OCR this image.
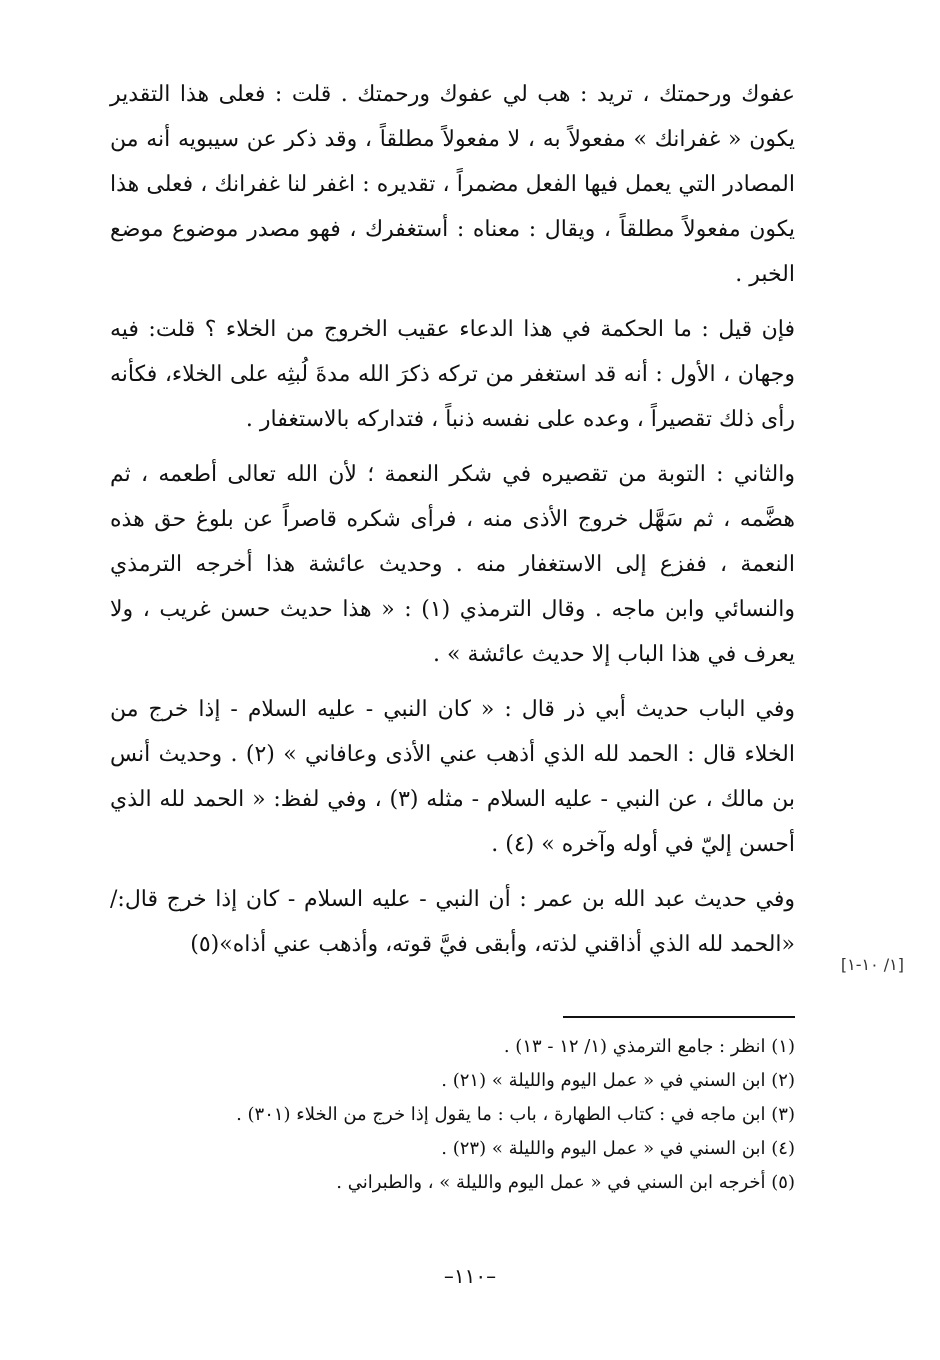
عفوك ورحمتك ، تريد : هب لي عفوك ورحمتك . قلت : فعلى هذا التقدير يكون « غفرانك » مفعولاً به ، لا مفعولاً مطلقاً ، وقد ذكر عن سيبويه أنه من المصادر التي يعمل فيها الفعل مضمراً ، تقديره : اغفر لنا غفرانك ، فعلى هذا يكون مفعولاً مطلقاً ، ويقال : معناه : أستغفرك ، فهو مصدر موضوع موضع الخبر .

فإن قيل : ما الحكمة في هذا الدعاء عقيب الخروج من الخلاء ؟ قلت: فيه وجهان ، الأول : أنه قد استغفر من تركه ذكرَ الله مدةَ لُبثِه على الخلاء، فكأنه رأى ذلك تقصيراً ، وعده على نفسه ذنباً ، فتداركه بالاستغفار .

والثاني : التوبة من تقصيره في شكر النعمة ؛ لأن الله تعالى أطعمه ، ثم هضَّمه ، ثم سَهَّل خروج الأذى منه ، فرأى شكره قاصراً عن بلوغ حق هذه النعمة ، ففزع إلى الاستغفار منه . وحديث عائشة هذا أخرجه الترمذي والنسائي وابن ماجه . وقال الترمذي (١) : « هذا حديث حسن غريب ، ولا يعرف في هذا الباب إلا حديث عائشة » .

وفي الباب حديث أبي ذر قال : « كان النبي - عليه السلام - إذا خرج من الخلاء قال : الحمد لله الذي أذهب عني الأذى وعافاني » (٢) . وحديث أنس بن مالك ، عن النبي - عليه السلام - مثله (٣) ، وفي لفظ: « الحمد لله الذي أحسن إليّ في أوله وآخره » (٤) .

وفي حديث عبد الله بن عمر : أن النبي - عليه السلام - كان إذا خرج قال:/ «الحمد لله الذي أذاقني لذته، وأبقى فيَّ قوته، وأذهب عني أذاه»(٥)

[١/ ١٠-١]

(١) انظر : جامع الترمذي (١/ ١٢ - ١٣) .

(٢) ابن السني في « عمل اليوم والليلة » (٢١) .

(٣) ابن ماجه في : كتاب الطهارة ، باب : ما يقول إذا خرج من الخلاء (٣٠١) .

(٤) ابن السني في « عمل اليوم والليلة » (٢٣) .

(٥) أخرجه ابن السني في « عمل اليوم والليلة » ، والطبراني .

–١١٠–
